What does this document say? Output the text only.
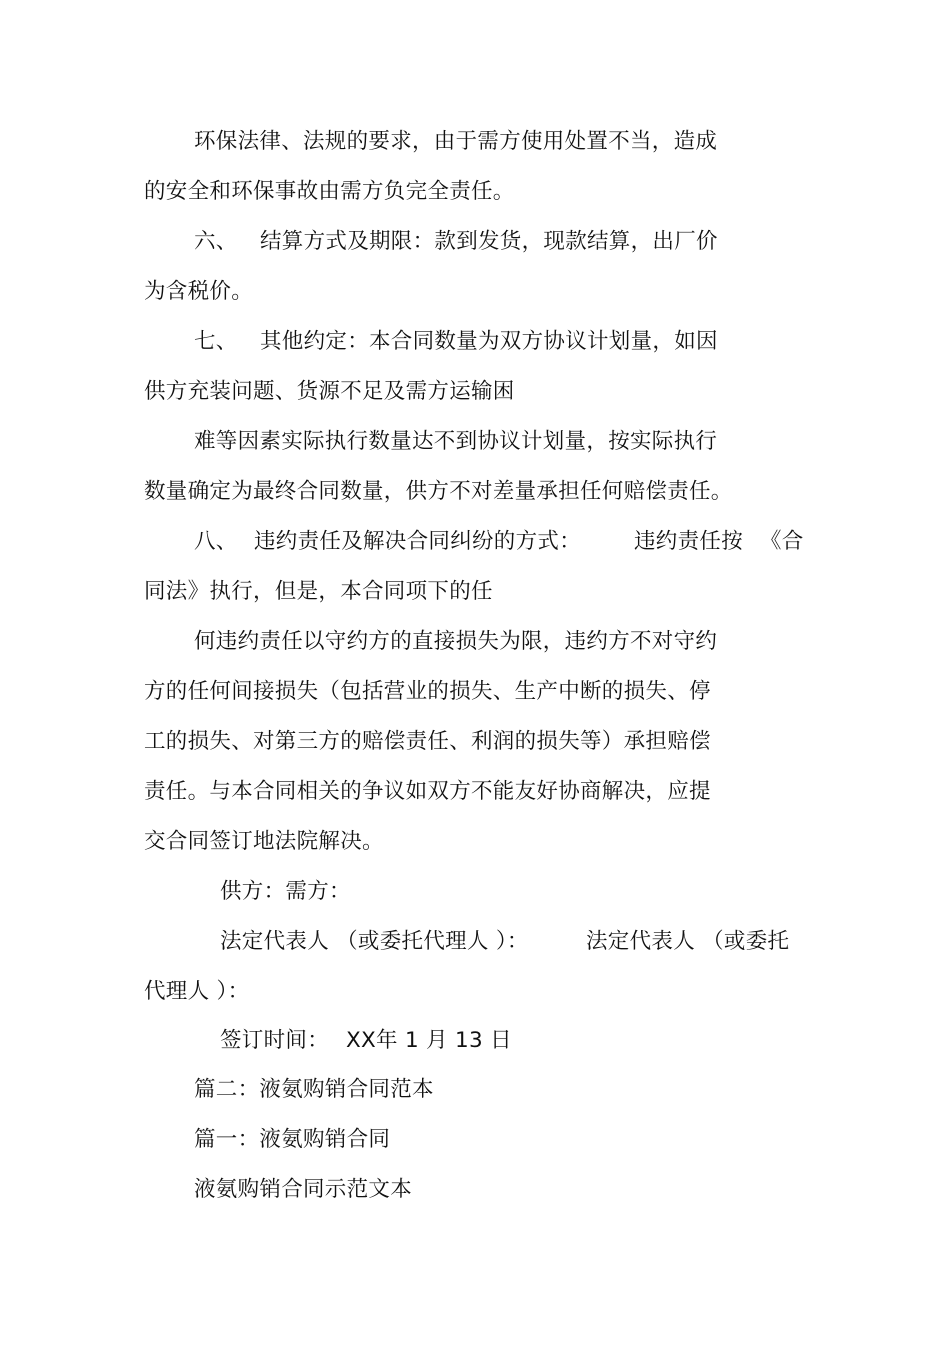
环保法律、法规的要求，由于需方使用处置不当，造成
的安全和环保事故由需方负完全责任。
六、 结算方式及期限：款到发货，现款结算，出厂价
为含税价。
七、 其他约定：本合同数量为双方协议计划量，如因
供方充装问题、货源不足及需方运输困
难等因素实际执行数量达不到协议计划量，按实际执行
数量确定为最终合同数量，供方不对差量承担任何赔偿责任。
八、 违约责任及解决合同纠纷的方式： 违约责任按 《合
同法》执行，但是，本合同项下的任
何违约责任以守约方的直接损失为限，违约方不对守约
方的任何间接损失（包括营业的损失、生产中断的损失、停
工的损失、对第三方的赔偿责任、利润的损失等）承担赔偿
责任。与本合同相关的争议如双方不能友好协商解决，应提
交合同签订地法院解决。
供方：需方：
法定代表人 （或委托代理人 ）：	法定代表人 （或委托
代理人 ）：
签订时间： XX年 1 月 13 日
篇二：液氨购销合同范本
篇一：液氨购销合同
液氨购销合同示范文本
